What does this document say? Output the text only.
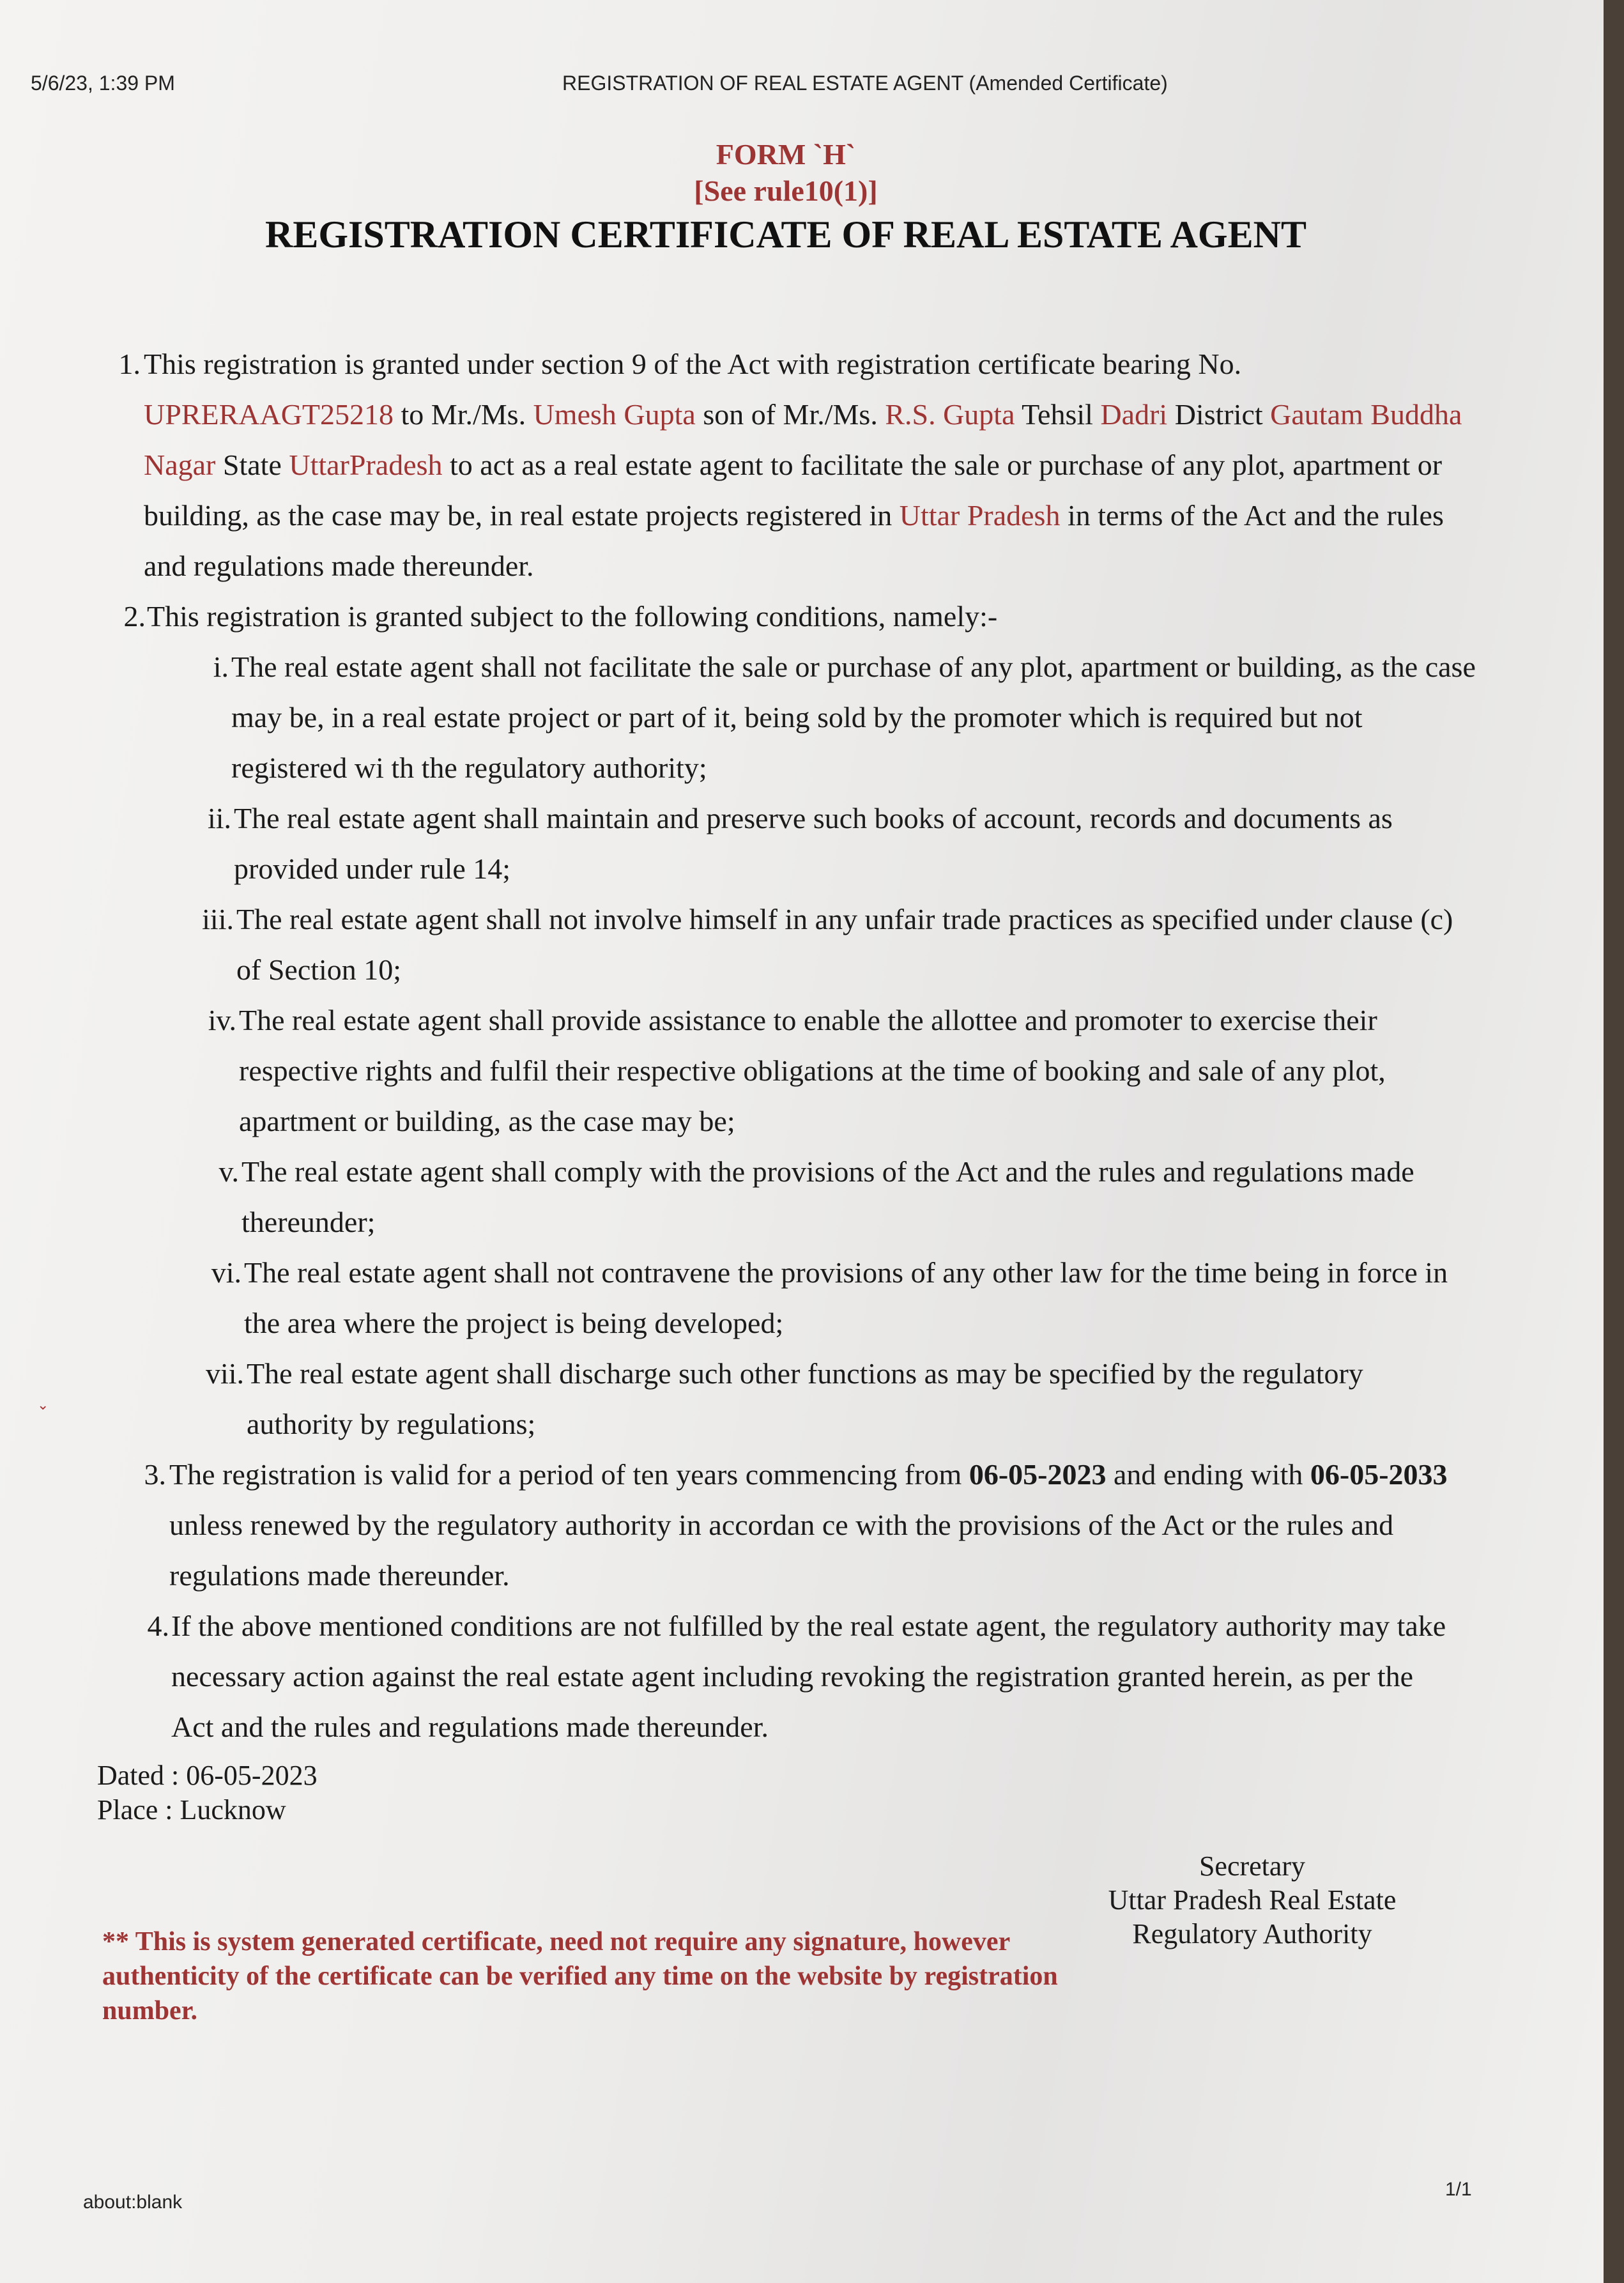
5/6/23, 1:39 PM	REGISTRATION OF REAL ESTATE AGENT (Amended Certificate)
FORM `H`
[See rule10(1)]
REGISTRATION CERTIFICATE OF REAL ESTATE AGENT
1. This registration is granted under section 9 of the Act with registration certificate bearing No. UPRERAAGT25218 to Mr./Ms. Umesh Gupta son of Mr./Ms. R.S. Gupta Tehsil Dadri District Gautam Buddha Nagar State UttarPradesh to act as a real estate agent to facilitate the sale or purchase of any plot, apartment or building, as the case may be, in real estate projects registered in Uttar Pradesh in terms of the Act and the rules and regulations made thereunder.
2. This registration is granted subject to the following conditions, namely:-
i. The real estate agent shall not facilitate the sale or purchase of any plot, apartment or building, as the case may be, in a real estate project or part of it, being sold by the promoter which is required but not registered wi th the regulatory authority;
ii. The real estate agent shall maintain and preserve such books of account, records and documents as provided under rule 14;
iii. The real estate agent shall not involve himself in any unfair trade practices as specified under clause (c) of Section 10;
iv. The real estate agent shall provide assistance to enable the allottee and promoter to exercise their respective rights and fulfil their respective obligations at the time of booking and sale of any plot, apartment or building, as the case may be;
v. The real estate agent shall comply with the provisions of the Act and the rules and regulations made thereunder;
vi. The real estate agent shall not contravene the provisions of any other law for the time being in force in the area where the project is being developed;
vii. The real estate agent shall discharge such other functions as may be specified by the regulatory authority by regulations;
3. The registration is valid for a period of ten years commencing from 06-05-2023 and ending with 06-05-2033 unless renewed by the regulatory authority in accordan ce with the provisions of the Act or the rules and regulations made thereunder.
4. If the above mentioned conditions are not fulfilled by the real estate agent, the regulatory authority may take necessary action against the real estate agent including revoking the registration granted herein, as per the Act and the rules and regulations made thereunder.
⌄
Dated : 06-05-2023
Place : Lucknow
Secretary
Uttar Pradesh Real Estate
Regulatory Authority
** This is system generated certificate, need not require any signature, however authenticity of the certificate can be verified any time on the website by registration number.
about:blank
1/1
